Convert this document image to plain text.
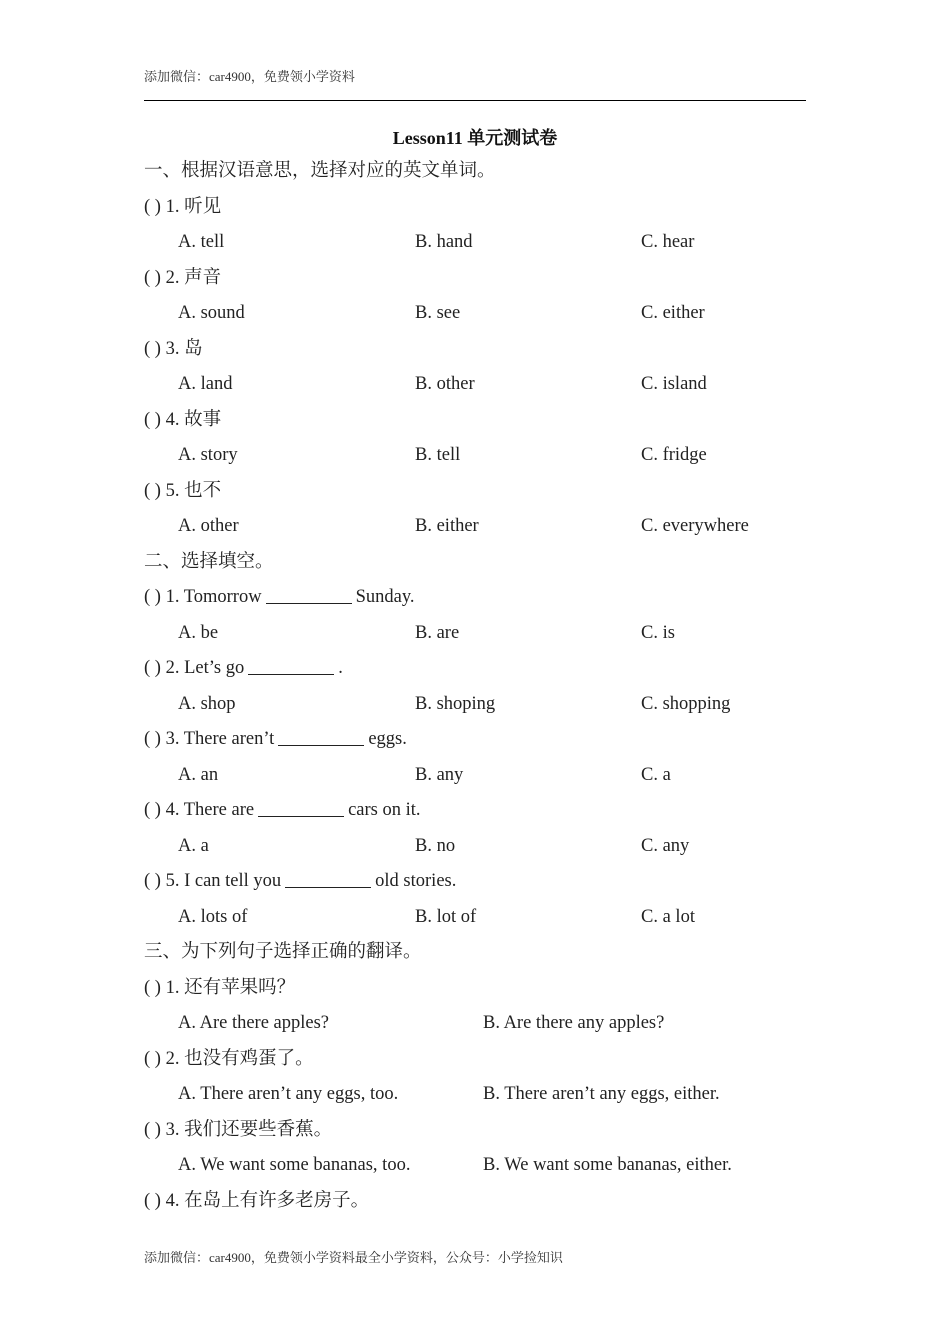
添加微信：car4900，免费领小学资料
Lesson11 单元测试卷
一、根据汉语意思，选择对应的英文单词。
( ) 1. 听见
A. tell	B. hand	C. hear
( ) 2. 声音
A. sound	B. see	C. either
( ) 3. 岛
A. land	B. other	C. island
( ) 4. 故事
A. story	B. tell	C. fridge
( ) 5. 也不
A. other	B. either	C. everywhere
二、选择填空。
( ) 1. Tomorrow	Sunday.
A. be	B. are	C. is
( ) 2. Let’s go	.
A. shop	B. shoping	C. shopping
( ) 3. There aren’t	eggs.
A. an	B. any	C. a
( ) 4. There are	cars on it.
A. a	B. no	C. any
( ) 5. I can tell you	old stories.
A. lots of	B. lot of	C. a lot
三、为下列句子选择正确的翻译。
( ) 1. 还有苹果吗？
A. Are there apples?	B. Are there any apples?
( ) 2. 也没有鸡蛋了。
A. There aren’t any eggs, too.	B. There aren’t any eggs, either.
( ) 3. 我们还要些香蕉。
A. We want some bananas, too.	B. We want some bananas, either.
( ) 4. 在岛上有许多老房子。
添加微信：car4900，免费领小学资料最全小学资料，公众号：小学捡知识
